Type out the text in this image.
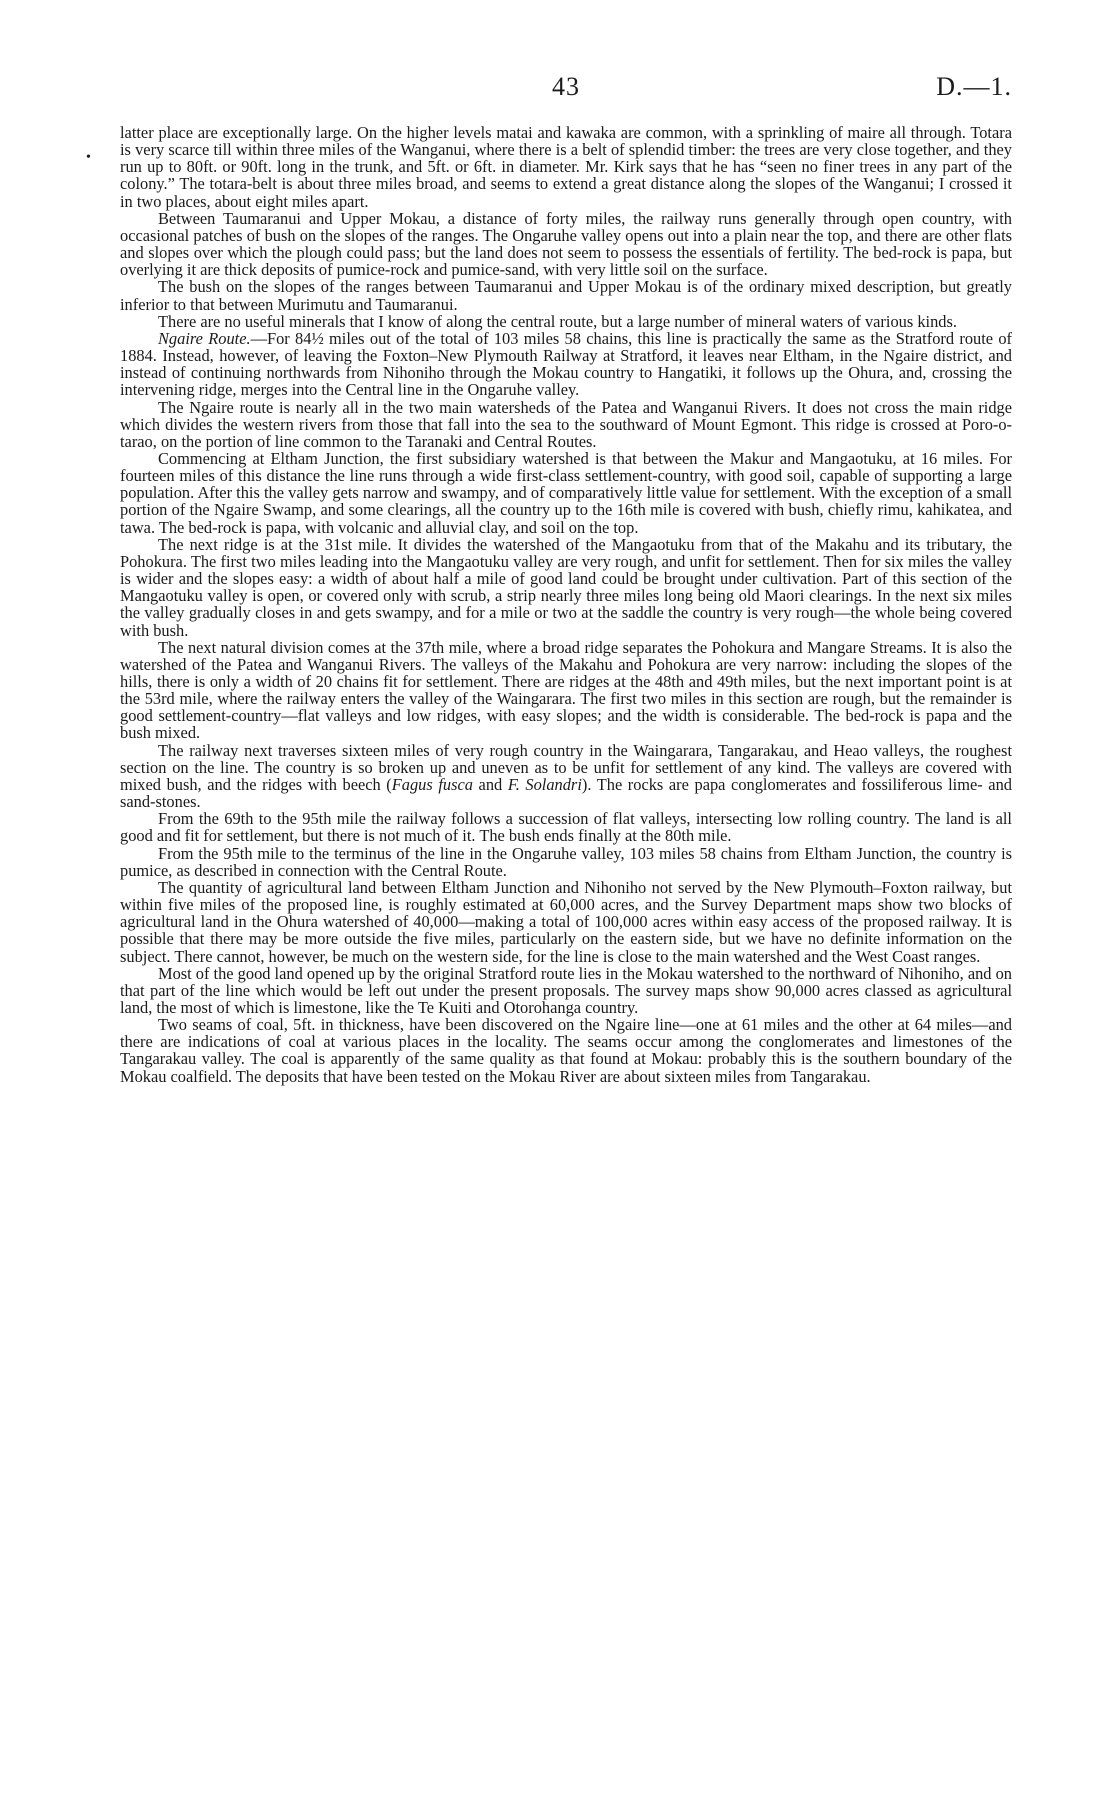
43	D.—1.
•

latter place are exceptionally large. On the higher levels matai and kawaka are common, with a sprinkling of maire all through. Totara is very scarce till within three miles of the Wanganui, where there is a belt of splendid timber: the trees are very close together, and they run up to 80ft. or 90ft. long in the trunk, and 5ft. or 6ft. in diameter. Mr. Kirk says that he has “seen no finer trees in any part of the colony.” The totara-belt is about three miles broad, and seems to extend a great distance along the slopes of the Wanganui; I crossed it in two places, about eight miles apart.

Between Taumaranui and Upper Mokau, a distance of forty miles, the railway runs generally through open country, with occasional patches of bush on the slopes of the ranges. The Ongaruhe valley opens out into a plain near the top, and there are other flats and slopes over which the plough could pass; but the land does not seem to possess the essentials of fertility. The bed-rock is papa, but overlying it are thick deposits of pumice-rock and pumice-sand, with very little soil on the surface.

The bush on the slopes of the ranges between Taumaranui and Upper Mokau is of the ordinary mixed description, but greatly inferior to that between Murimutu and Taumaranui.

There are no useful minerals that I know of along the central route, but a large number of mineral waters of various kinds.

Ngaire Route.—For 84½ miles out of the total of 103 miles 58 chains, this line is practically the same as the Stratford route of 1884. Instead, however, of leaving the Foxton–New Plymouth Railway at Stratford, it leaves near Eltham, in the Ngaire district, and instead of continuing northwards from Nihoniho through the Mokau country to Hangatiki, it follows up the Ohura, and, crossing the intervening ridge, merges into the Central line in the Ongaruhe valley.

The Ngaire route is nearly all in the two main watersheds of the Patea and Wanganui Rivers. It does not cross the main ridge which divides the western rivers from those that fall into the sea to the southward of Mount Egmont. This ridge is crossed at Poro-o-tarao, on the portion of line common to the Taranaki and Central Routes.

Commencing at Eltham Junction, the first subsidiary watershed is that between the Makur and Mangaotuku, at 16 miles. For fourteen miles of this distance the line runs through a wide first-class settlement-country, with good soil, capable of supporting a large population. After this the valley gets narrow and swampy, and of comparatively little value for settlement. With the exception of a small portion of the Ngaire Swamp, and some clearings, all the country up to the 16th mile is covered with bush, chiefly rimu, kahikatea, and tawa. The bed-rock is papa, with volcanic and alluvial clay, and soil on the top.

The next ridge is at the 31st mile. It divides the watershed of the Mangaotuku from that of the Makahu and its tributary, the Pohokura. The first two miles leading into the Mangaotuku valley are very rough, and unfit for settlement. Then for six miles the valley is wider and the slopes easy: a width of about half a mile of good land could be brought under cultivation. Part of this section of the Mangaotuku valley is open, or covered only with scrub, a strip nearly three miles long being old Maori clearings. In the next six miles the valley gradually closes in and gets swampy, and for a mile or two at the saddle the country is very rough—the whole being covered with bush.

The next natural division comes at the 37th mile, where a broad ridge separates the Pohokura and Mangare Streams. It is also the watershed of the Patea and Wanganui Rivers. The valleys of the Makahu and Pohokura are very narrow: including the slopes of the hills, there is only a width of 20 chains fit for settlement. There are ridges at the 48th and 49th miles, but the next important point is at the 53rd mile, where the railway enters the valley of the Waingarara. The first two miles in this section are rough, but the remainder is good settlement-country—flat valleys and low ridges, with easy slopes; and the width is considerable. The bed-rock is papa and the bush mixed.

The railway next traverses sixteen miles of very rough country in the Waingarara, Tangarakau, and Heao valleys, the roughest section on the line. The country is so broken up and uneven as to be unfit for settlement of any kind. The valleys are covered with mixed bush, and the ridges with beech (Fagus fusca and F. Solandri). The rocks are papa conglomerates and fossiliferous lime- and sand-stones.

From the 69th to the 95th mile the railway follows a succession of flat valleys, intersecting low rolling country. The land is all good and fit for settlement, but there is not much of it. The bush ends finally at the 80th mile.

From the 95th mile to the terminus of the line in the Ongaruhe valley, 103 miles 58 chains from Eltham Junction, the country is pumice, as described in connection with the Central Route.

The quantity of agricultural land between Eltham Junction and Nihoniho not served by the New Plymouth–Foxton railway, but within five miles of the proposed line, is roughly estimated at 60,000 acres, and the Survey Department maps show two blocks of agricultural land in the Ohura watershed of 40,000—making a total of 100,000 acres within easy access of the proposed railway. It is possible that there may be more outside the five miles, particularly on the eastern side, but we have no definite information on the subject. There cannot, however, be much on the western side, for the line is close to the main watershed and the West Coast ranges.

Most of the good land opened up by the original Stratford route lies in the Mokau watershed to the northward of Nihoniho, and on that part of the line which would be left out under the present proposals. The survey maps show 90,000 acres classed as agricultural land, the most of which is limestone, like the Te Kuiti and Otorohanga country.

Two seams of coal, 5ft. in thickness, have been discovered on the Ngaire line—one at 61 miles and the other at 64 miles—and there are indications of coal at various places in the locality. The seams occur among the conglomerates and limestones of the Tangarakau valley. The coal is apparently of the same quality as that found at Mokau: probably this is the southern boundary of the Mokau coalfield. The deposits that have been tested on the Mokau River are about sixteen miles from Tangarakau.
